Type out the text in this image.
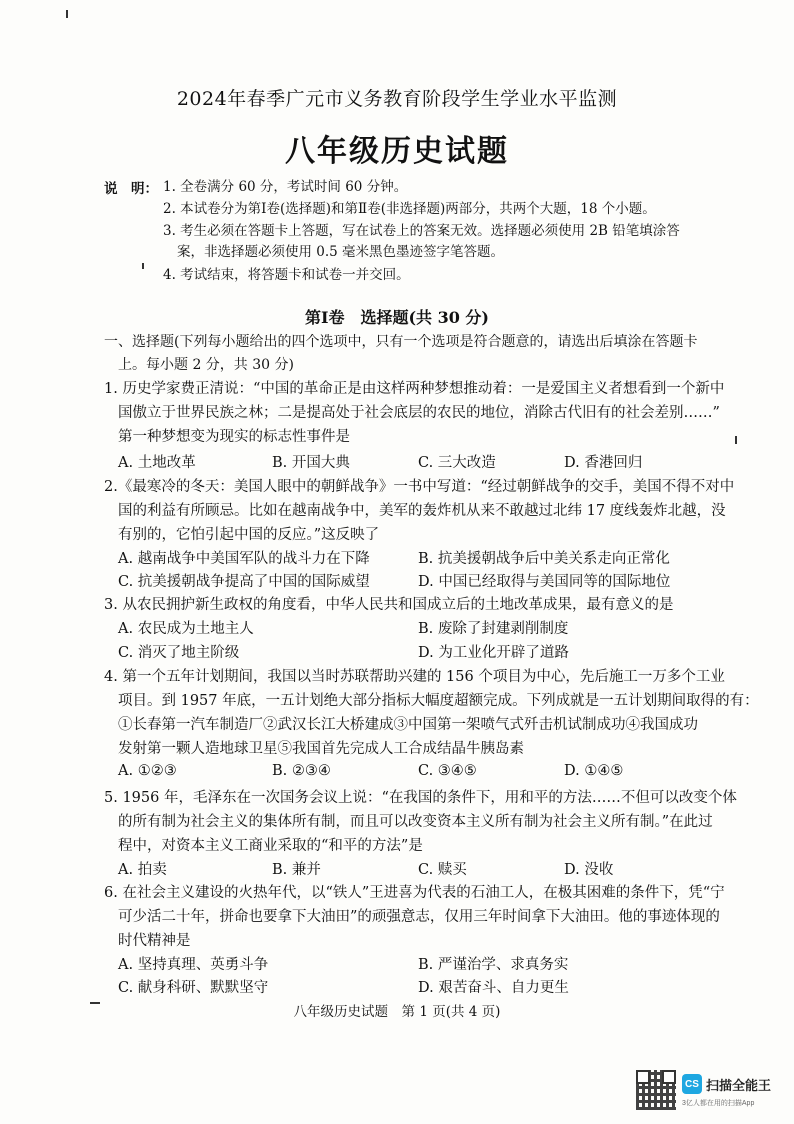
2024年春季广元市义务教育阶段学生学业水平监测
八年级历史试题
说　明： 1. 全卷满分 60 分，考试时间 60 分钟。
2. 本试卷分为第Ⅰ卷(选择题)和第Ⅱ卷(非选择题)两部分，共两个大题，18 个小题。
3. 考生必须在答题卡上答题，写在试卷上的答案无效。选择题必须使用 2B 铅笔填涂答
案，非选择题必须使用 0.5 毫米黑色墨迹签字笔答题。
4. 考试结束，将答题卡和试卷一并交回。
第Ⅰ卷　选择题(共 30 分)
一、选择题(下列每小题给出的四个选项中，只有一个选项是符合题意的，请选出后填涂在答题卡
上。每小题 2 分，共 30 分)
1. 历史学家费正清说：“中国的革命正是由这样两种梦想推动着：一是爱国主义者想看到一个新中
国傲立于世界民族之林；二是提高处于社会底层的农民的地位，消除古代旧有的社会差别……”
第一种梦想变为现实的标志性事件是
A. 土地改革	B. 开国大典	C. 三大改造	D. 香港回归
2.《最寒冷的冬天：美国人眼中的朝鲜战争》一书中写道：“经过朝鲜战争的交手，美国不得不对中
国的利益有所顾忌。比如在越南战争中，美军的轰炸机从来不敢越过北纬 17 度线轰炸北越，没
有别的，它怕引起中国的反应。”这反映了
A. 越南战争中美国军队的战斗力在下降	B. 抗美援朝战争后中美关系走向正常化
C. 抗美援朝战争提高了中国的国际威望	D. 中国已经取得与美国同等的国际地位
3. 从农民拥护新生政权的角度看，中华人民共和国成立后的土地改革成果，最有意义的是
A. 农民成为土地主人	B. 废除了封建剥削制度
C. 消灭了地主阶级	D. 为工业化开辟了道路
4. 第一个五年计划期间，我国以当时苏联帮助兴建的 156 个项目为中心，先后施工一万多个工业
项目。到 1957 年底，一五计划绝大部分指标大幅度超额完成。下列成就是一五计划期间取得的有：
①长春第一汽车制造厂②武汉长江大桥建成③中国第一架喷气式歼击机试制成功④我国成功
发射第一颗人造地球卫星⑤我国首先完成人工合成结晶牛胰岛素
A. ①②③	B. ②③④	C. ③④⑤	D. ①④⑤
5. 1956 年，毛泽东在一次国务会议上说：“在我国的条件下，用和平的方法……不但可以改变个体
的所有制为社会主义的集体所有制，而且可以改变资本主义所有制为社会主义所有制。”在此过
程中，对资本主义工商业采取的“和平的方法”是
A. 拍卖	B. 兼并	C. 赎买	D. 没收
6. 在社会主义建设的火热年代，以“铁人”王进喜为代表的石油工人，在极其困难的条件下，凭“宁
可少活二十年，拼命也要拿下大油田”的顽强意志，仅用三年时间拿下大油田。他的事迹体现的
时代精神是
A. 坚持真理、英勇斗争	B. 严谨治学、求真务实
C. 献身科研、默默坚守	D. 艰苦奋斗、自力更生
八年级历史试题　第 1 页(共 4 页)
CS 扫描全能王
3亿人都在用的扫描App
